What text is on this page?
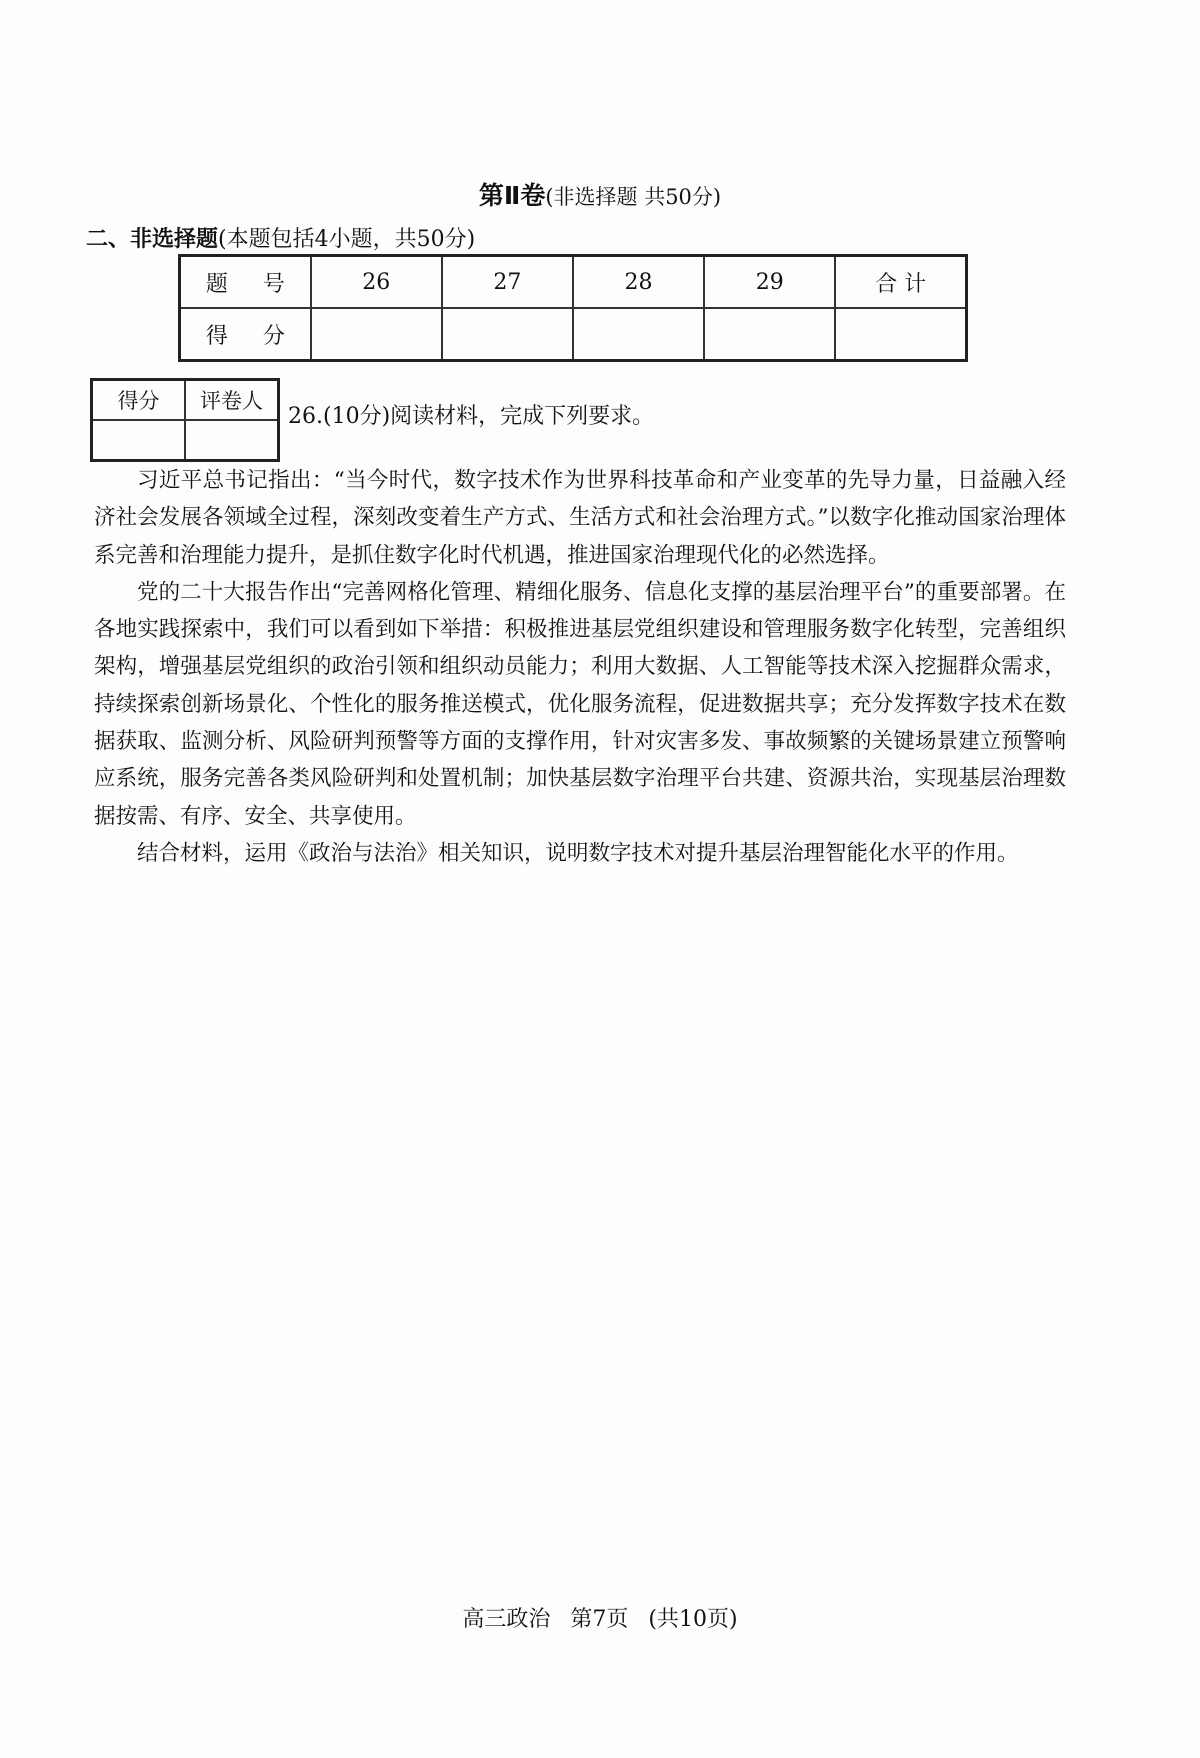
第Ⅱ卷(非选择题 共50分)
二、非选择题(本题包括4小题，共50分)
题 号	26	27	28	29	合 计
得 分					
得分	评卷人

26.(10分)阅读材料，完成下列要求。

习近平总书记指出：“当今时代，数字技术作为世界科技革命和产业变革的先导力量，日益融入经济社会发展各领域全过程，深刻改变着生产方式、生活方式和社会治理方式。”以数字化推动国家治理体系完善和治理能力提升，是抓住数字化时代机遇，推进国家治理现代化的必然选择。

党的二十大报告作出“完善网格化管理、精细化服务、信息化支撑的基层治理平台”的重要部署。在各地实践探索中，我们可以看到如下举措：积极推进基层党组织建设和管理服务数字化转型，完善组织架构，增强基层党组织的政治引领和组织动员能力；利用大数据、人工智能等技术深入挖掘群众需求，持续探索创新场景化、个性化的服务推送模式，优化服务流程，促进数据共享；充分发挥数字技术在数据获取、监测分析、风险研判预警等方面的支撑作用，针对灾害多发、事故频繁的关键场景建立预警响应系统，服务完善各类风险研判和处置机制；加快基层数字治理平台共建、资源共治，实现基层治理数据按需、有序、安全、共享使用。

结合材料，运用《政治与法治》相关知识，说明数字技术对提升基层治理智能化水平的作用。

高三政治 第7页 (共10页)
